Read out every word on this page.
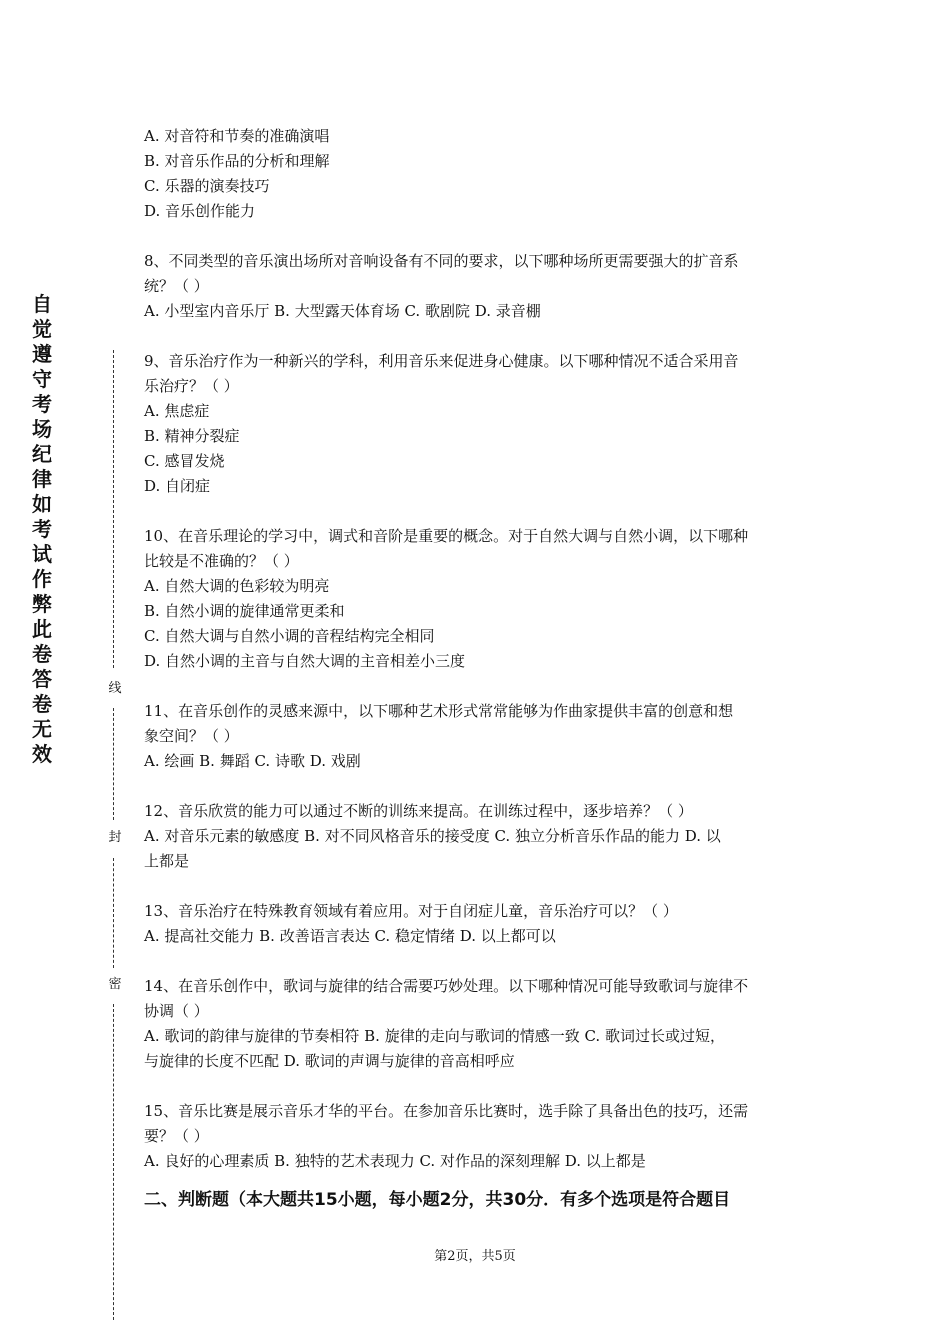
自觉遵守考场纪律如考试作弊此卷答卷无效
线
封
密
A. 对音符和节奏的准确演唱
B. 对音乐作品的分析和理解
C. 乐器的演奏技巧
D. 音乐创作能力
8、不同类型的音乐演出场所对音响设备有不同的要求，以下哪种场所更需要强大的扩音系
统？（ ）
A. 小型室内音乐厅 B. 大型露天体育场 C. 歌剧院 D. 录音棚
9、音乐治疗作为一种新兴的学科，利用音乐来促进身心健康。以下哪种情况不适合采用音
乐治疗？（ ）
A. 焦虑症
B. 精神分裂症
C. 感冒发烧
D. 自闭症
10、在音乐理论的学习中，调式和音阶是重要的概念。对于自然大调与自然小调，以下哪种
比较是不准确的？（ ）
A. 自然大调的色彩较为明亮
B. 自然小调的旋律通常更柔和
C. 自然大调与自然小调的音程结构完全相同
D. 自然小调的主音与自然大调的主音相差小三度
11、在音乐创作的灵感来源中，以下哪种艺术形式常常能够为作曲家提供丰富的创意和想
象空间？（ ）
A. 绘画 B. 舞蹈 C. 诗歌 D. 戏剧
12、音乐欣赏的能力可以通过不断的训练来提高。在训练过程中，逐步培养？（ ）
A. 对音乐元素的敏感度 B. 对不同风格音乐的接受度 C. 独立分析音乐作品的能力 D. 以
上都是
13、音乐治疗在特殊教育领域有着应用。对于自闭症儿童，音乐治疗可以？（ ）
A. 提高社交能力 B. 改善语言表达 C. 稳定情绪 D. 以上都可以
14、在音乐创作中，歌词与旋律的结合需要巧妙处理。以下哪种情况可能导致歌词与旋律不
协调（ ）
A. 歌词的韵律与旋律的节奏相符 B. 旋律的走向与歌词的情感一致 C. 歌词过长或过短，
与旋律的长度不匹配 D. 歌词的声调与旋律的音高相呼应
15、音乐比赛是展示音乐才华的平台。在参加音乐比赛时，选手除了具备出色的技巧，还需
要？（ ）
A. 良好的心理素质 B. 独特的艺术表现力 C. 对作品的深刻理解 D. 以上都是
二、判断题（本大题共15小题，每小题2分，共30分．有多个选项是符合题目
第2页，共5页
